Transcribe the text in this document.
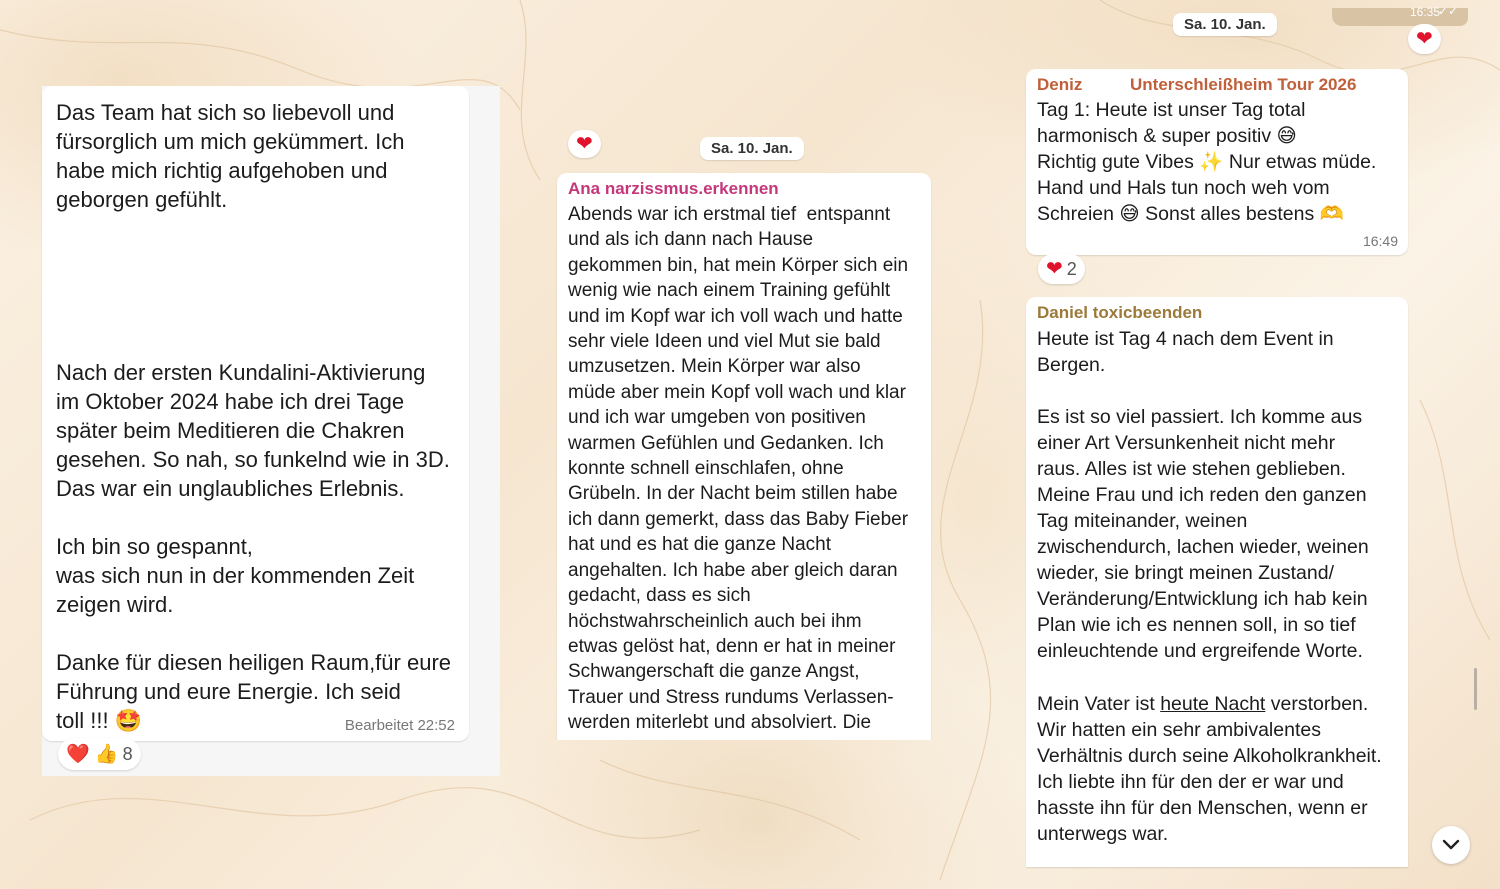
Das Team hat sich so liebevoll und
fürsorglich um mich gekümmert. Ich
habe mich richtig aufgehoben und
geborgen gefühlt.
Nach der ersten Kundalini-Aktivierung
im Oktober 2024 habe ich drei Tage
später beim Meditieren die Chakren
gesehen. So nah, so funkelnd wie in 3D.
Das war ein unglaubliches Erlebnis.
Ich bin so gespannt,
was sich nun in der kommenden Zeit
zeigen wird.
Danke für diesen heiligen Raum,für eure
Führung und eure Energie. Ich seid
toll !!! 🤩	Bearbeitet 22:52
❤️ 👍 8
❤	Sa. 10. Jan.
Ana narzissmus.erkennen
Abends war ich erstmal tief  entspannt
und als ich dann nach Hause
gekommen bin, hat mein Körper sich ein
wenig wie nach einem Training gefühlt
und im Kopf war ich voll wach und hatte
sehr viele Ideen und viel Mut sie bald
umzusetzen. Mein Körper war also
müde aber mein Kopf voll wach und klar
und ich war umgeben von positiven
warmen Gefühlen und Gedanken. Ich
konnte schnell einschlafen, ohne
Grübeln. In der Nacht beim stillen habe
ich dann gemerkt, dass das Baby Fieber
hat und es hat die ganze Nacht
angehalten. Ich habe aber gleich daran
gedacht, dass es sich
höchstwahrscheinlich auch bei ihm
etwas gelöst hat, denn er hat in meiner
Schwangerschaft die ganze Angst,
Trauer und Stress rundums Verlassen-
werden miterlebt und absolviert. Die
16:35
✓✓
❤
Sa. 10. Jan.
Deniz	Unterschleißheim Tour 2026
Tag 1: Heute ist unser Tag total
harmonisch & super positiv 😅
Richtig gute Vibes ✨ Nur etwas müde.
Hand und Hals tun noch weh vom
Schreien 😅 Sonst alles bestens 🫶
16:49
❤ 2
Daniel toxicbeenden
Heute ist Tag 4 nach dem Event in
Bergen.
Es ist so viel passiert. Ich komme aus
einer Art Versunkenheit nicht mehr
raus. Alles ist wie stehen geblieben.
Meine Frau und ich reden den ganzen
Tag miteinander, weinen
zwischendurch, lachen wieder, weinen
wieder, sie bringt meinen Zustand/
Veränderung/Entwicklung ich hab kein
Plan wie ich es nennen soll, in so tief
einleuchtende und ergreifende Worte.
Mein Vater ist heute Nacht verstorben.
Wir hatten ein sehr ambivalentes
Verhältnis durch seine Alkoholkrankheit.
Ich liebte ihn für den der er war und
hasste ihn für den Menschen, wenn er
unterwegs war.
